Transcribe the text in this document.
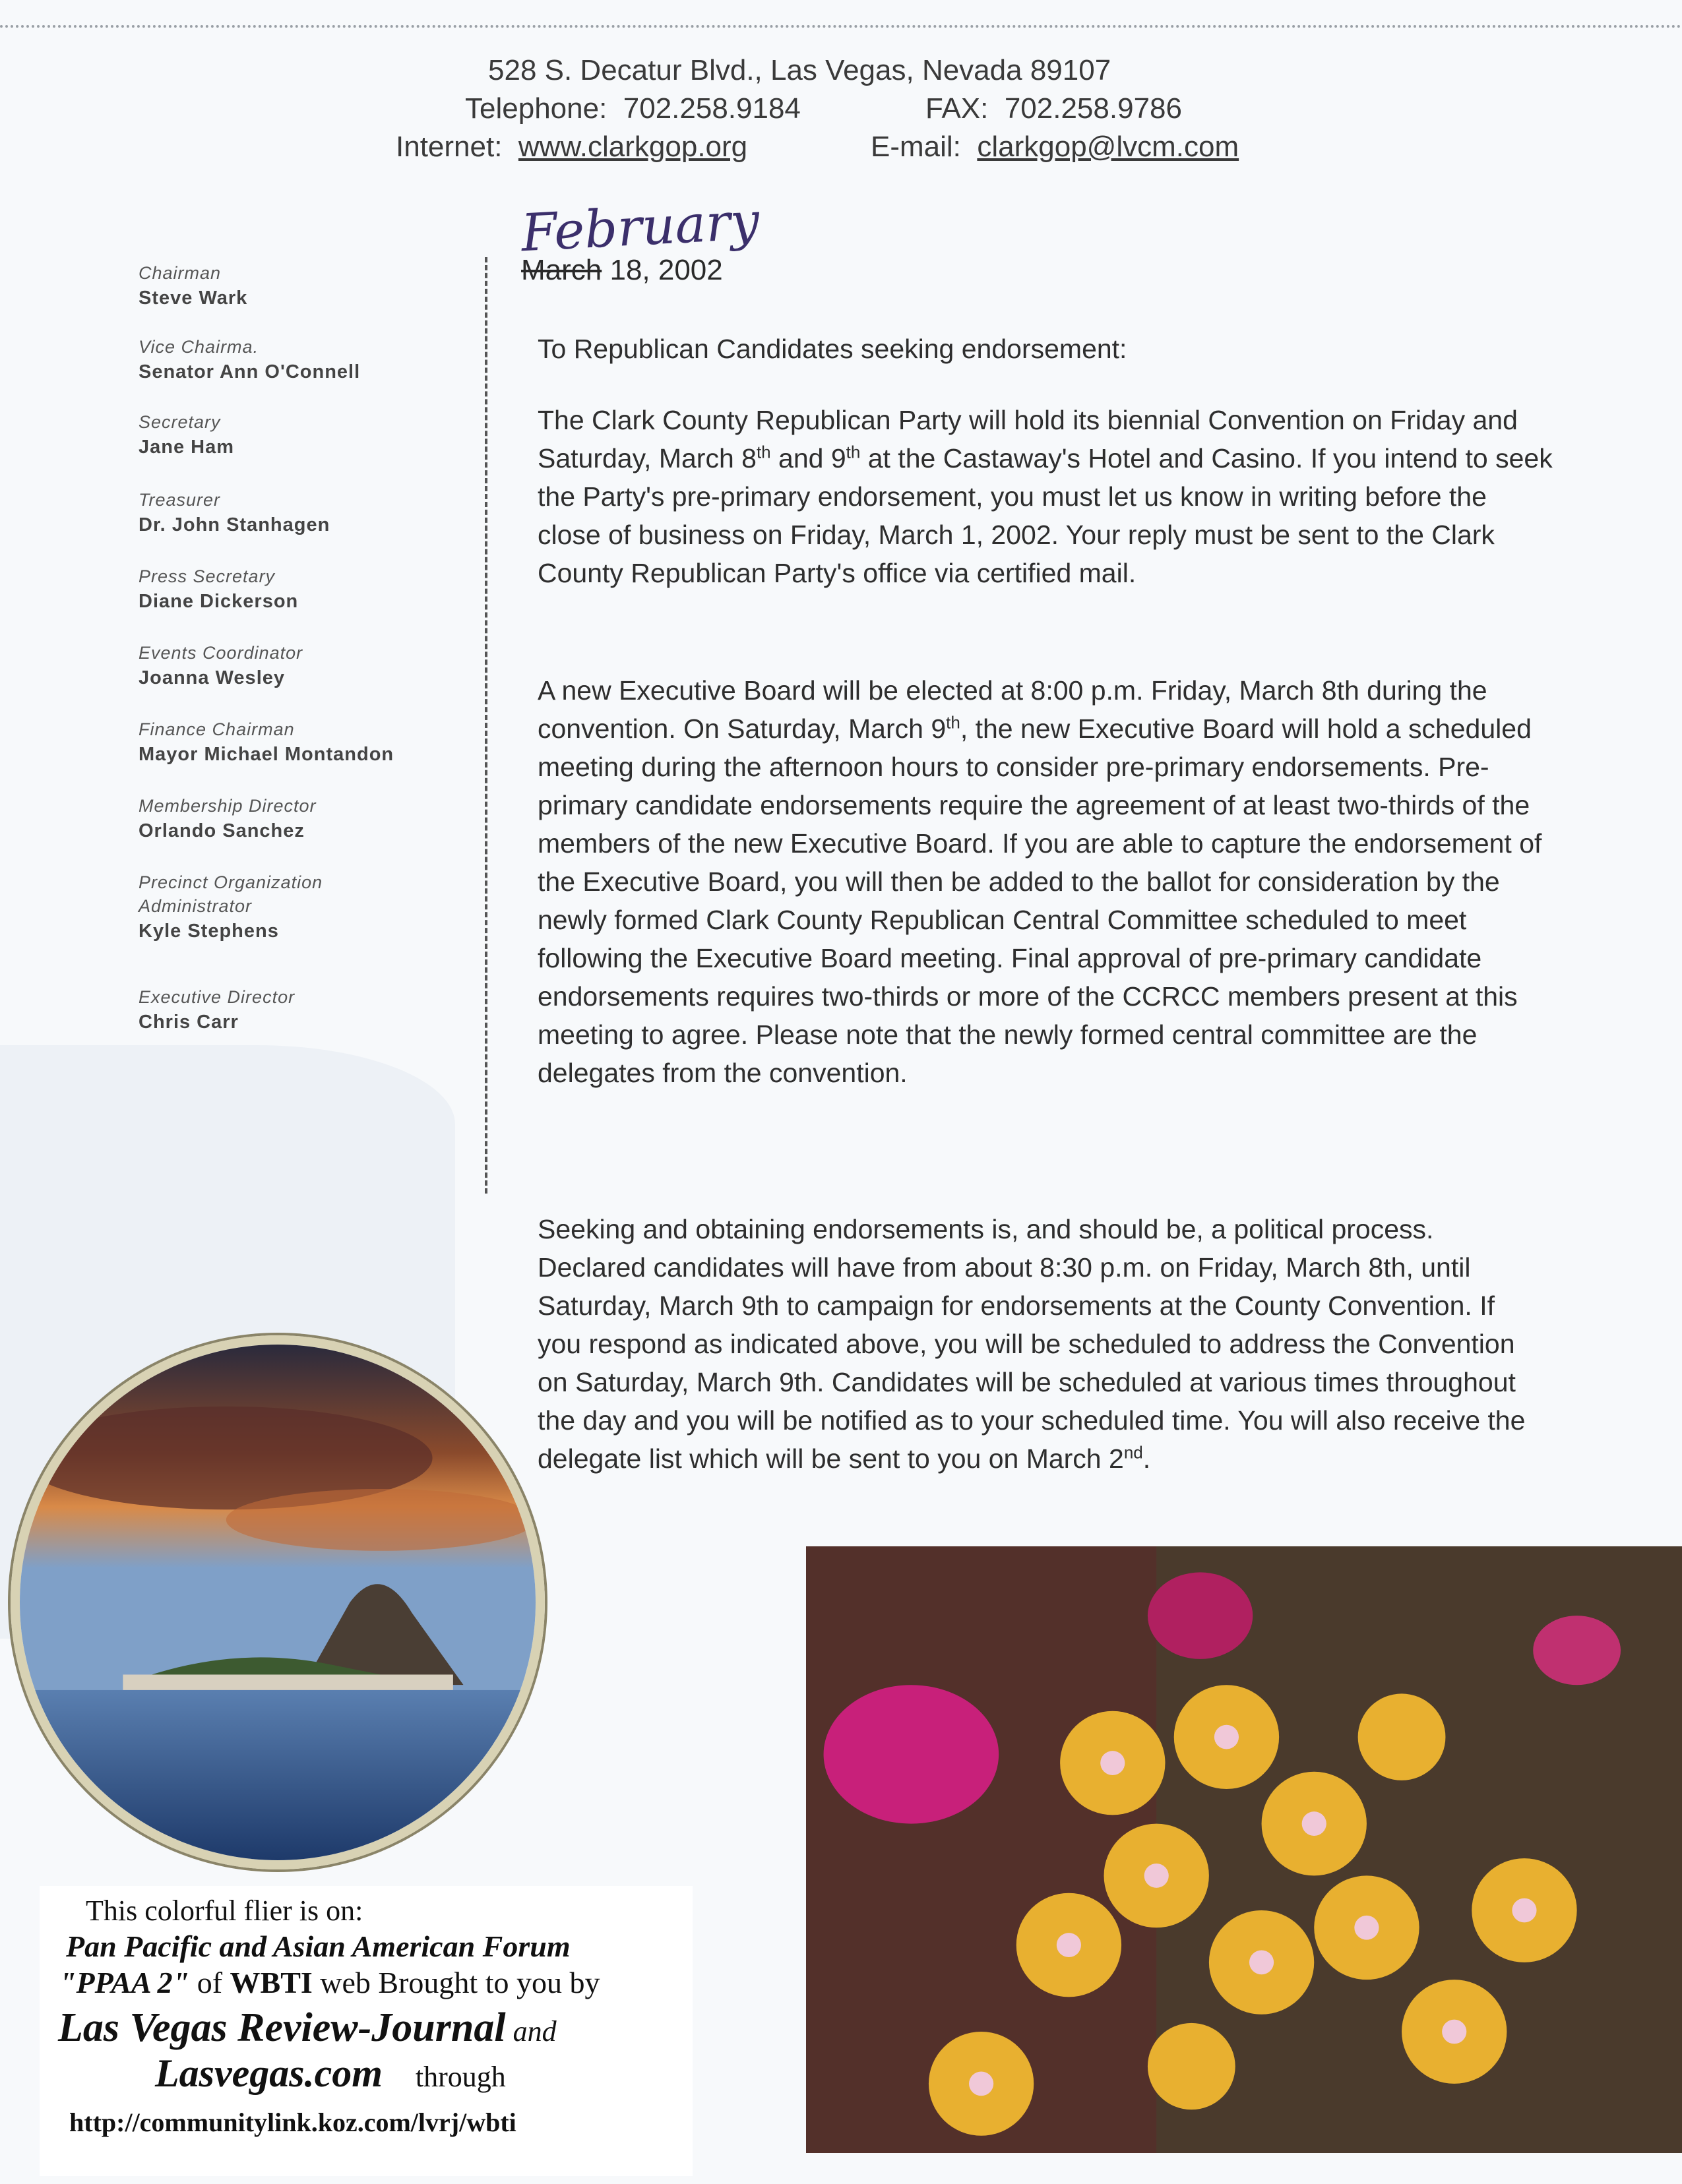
528 S. Decatur Blvd., Las Vegas, Nevada 89107
Telephone: 702.258.9184	FAX: 702.258.9786
Internet: www.clarkgop.org	E-mail: clarkgop@lvcm.com
February
March 18, 2002
Chairman
Steve Wark
Vice Chairma.
Senator Ann O'Connell
Secretary
Jane Ham
Treasurer
Dr. John Stanhagen
Press Secretary
Diane Dickerson
Events Coordinator
Joanna Wesley
Finance Chairman
Mayor Michael Montandon
Membership Director
Orlando Sanchez
Precinct Organization Administrator
Kyle Stephens
Executive Director
Chris Carr

To Republican Candidates seeking endorsement:

The Clark County Republican Party will hold its biennial Convention on Friday and Saturday, March 8th and 9th at the Castaway's Hotel and Casino. If you intend to seek the Party's pre-primary endorsement, you must let us know in writing before the close of business on Friday, March 1, 2002. Your reply must be sent to the Clark County Republican Party's office via certified mail.

A new Executive Board will be elected at 8:00 p.m. Friday, March 8th during the convention. On Saturday, March 9th, the new Executive Board will hold a scheduled meeting during the afternoon hours to consider pre-primary endorsements. Pre-primary candidate endorsements require the agreement of at least two-thirds of the members of the new Executive Board. If you are able to capture the endorsement of the Executive Board, you will then be added to the ballot for consideration by the newly formed Clark County Republican Central Committee scheduled to meet following the Executive Board meeting. Final approval of pre-primary candidate endorsements requires two-thirds or more of the CCRCC members present at this meeting to agree. Please note that the newly formed central committee are the delegates from the convention.

Seeking and obtaining endorsements is, and should be, a political process. Declared candidates will have from about 8:30 p.m. on Friday, March 8th, until Saturday, March 9th to campaign for endorsements at the County Convention. If you respond as indicated above, you will be scheduled to address the Convention on Saturday, March 9th. Candidates will be scheduled at various times throughout the day and you will be notified as to your scheduled time. You will also receive the delegate list which will be sent to you on March 2nd.

This colorful flier is on:
Pan Pacific and Asian American Forum
"PPAA 2" of WBTI web Brought to you by
Las Vegas Review-Journal and
Lasvegas.com through
http://communitylink.koz.com/lvrj/wbti
